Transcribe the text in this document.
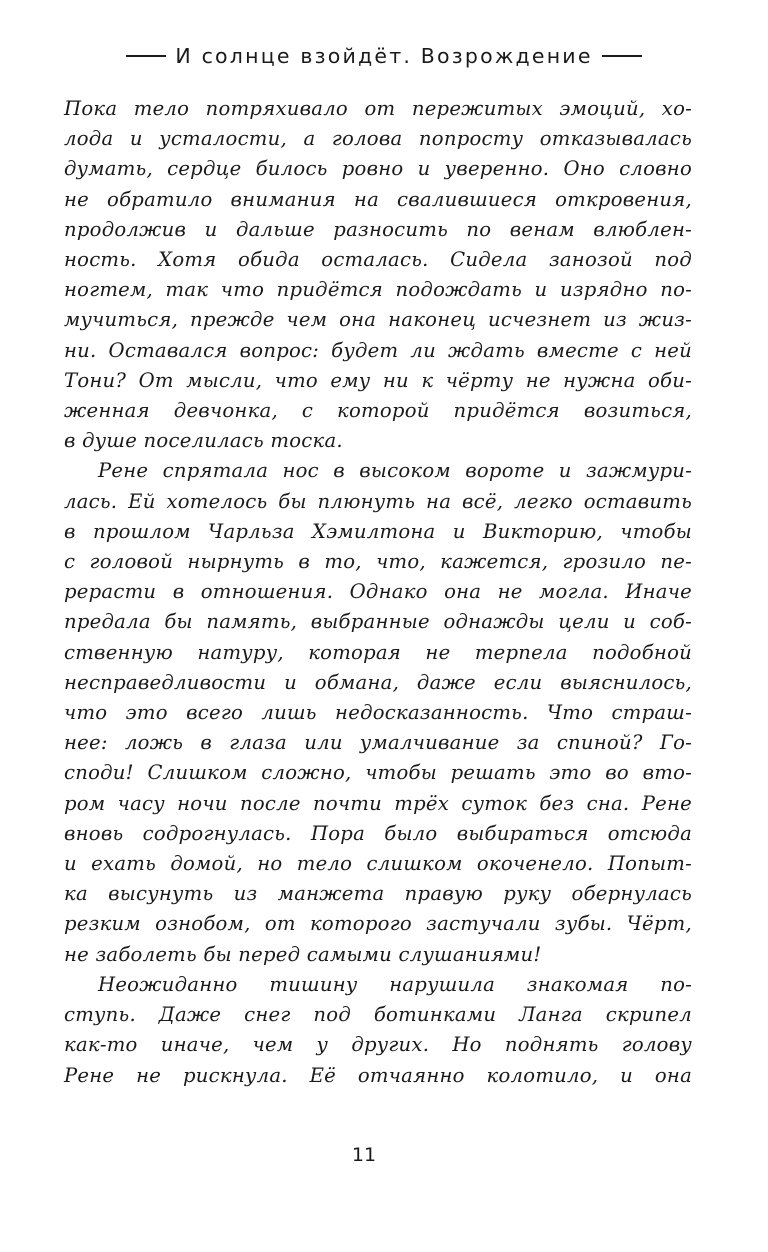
И солнце взойдёт. Возрождение

Пока тело потряхивало от пережитых эмоций, хо-
лода и усталости, а голова попросту отказывалась
думать, сердце билось ровно и уверенно. Оно словно
не обратило внимания на свалившиеся откровения,
продолжив и дальше разносить по венам влюблен-
ность. Хотя обида осталась. Сидела занозой под
ногтем, так что придётся подождать и изрядно по-
мучиться, прежде чем она наконец исчезнет из жиз-
ни. Оставался вопрос: будет ли ждать вместе с ней
Тони? От мысли, что ему ни к чёрту не нужна оби-
женная девчонка, с которой придётся возиться,
в душе поселилась тоска.

Рене спрятала нос в высоком вороте и зажмури-
лась. Ей хотелось бы плюнуть на всё, легко оставить
в прошлом Чарльза Хэмилтона и Викторию, чтобы
с головой нырнуть в то, что, кажется, грозило пе-
рерасти в отношения. Однако она не могла. Иначе
предала бы память, выбранные однажды цели и соб-
ственную натуру, которая не терпела подобной
несправедливости и обмана, даже если выяснилось,
что это всего лишь недосказанность. Что страш-
нее: ложь в глаза или умалчивание за спиной? Го-
споди! Слишком сложно, чтобы решать это во вто-
ром часу ночи после почти трёх суток без сна. Рене
вновь содрогнулась. Пора было выбираться отсюда
и ехать домой, но тело слишком окоченело. Попыт-
ка высунуть из манжета правую руку обернулась
резким ознобом, от которого застучали зубы. Чёрт,
не заболеть бы перед самыми слушаниями!

Неожиданно тишину нарушила знакомая по-
ступь. Даже снег под ботинками Ланга скрипел
как-то иначе, чем у других. Но поднять голову
Рене не рискнула. Её отчаянно колотило, и она

11
